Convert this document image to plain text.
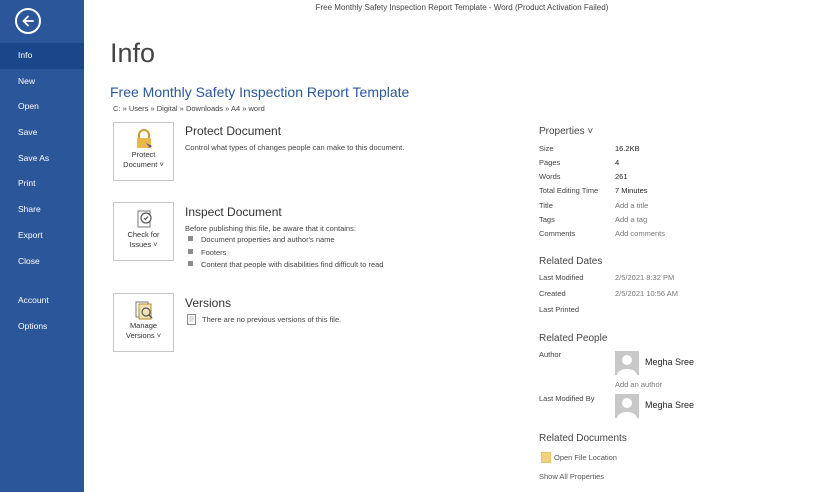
Free Monthly Safety Inspection Report Template - Word (Product Activation Failed)
Info
New
Open
Save
Save As
Print
Share
Export
Close
Account
Options
Info
Free Monthly Safety Inspection Report Template
C: » Users » Digital » Downloads » A4 » word
Protect
Document ˅
Protect Document
Control what types of changes people can make to this document.
Check for
Issues ˅
Inspect Document
Before publishing this file, be aware that it contains:
Document properties and author's name
Footers
Content that people with disabilities find difficult to read
Manage
Versions ˅
Versions
There are no previous versions of this file.
Properties ˅
Size	16.2KB
Pages	4
Words	261
Total Editing Time 7 Minutes
Title	Add a title
Tags	Add a tag
Comments	Add comments
Related Dates
Last Modified	2/5/2021 8:32 PM
Created	2/5/2021 10:56 AM
Last Printed
Related People
Author
Megha Sree
Add an author
Last Modified By
Megha Sree
Related Documents
Open File Location
Show All Properties
